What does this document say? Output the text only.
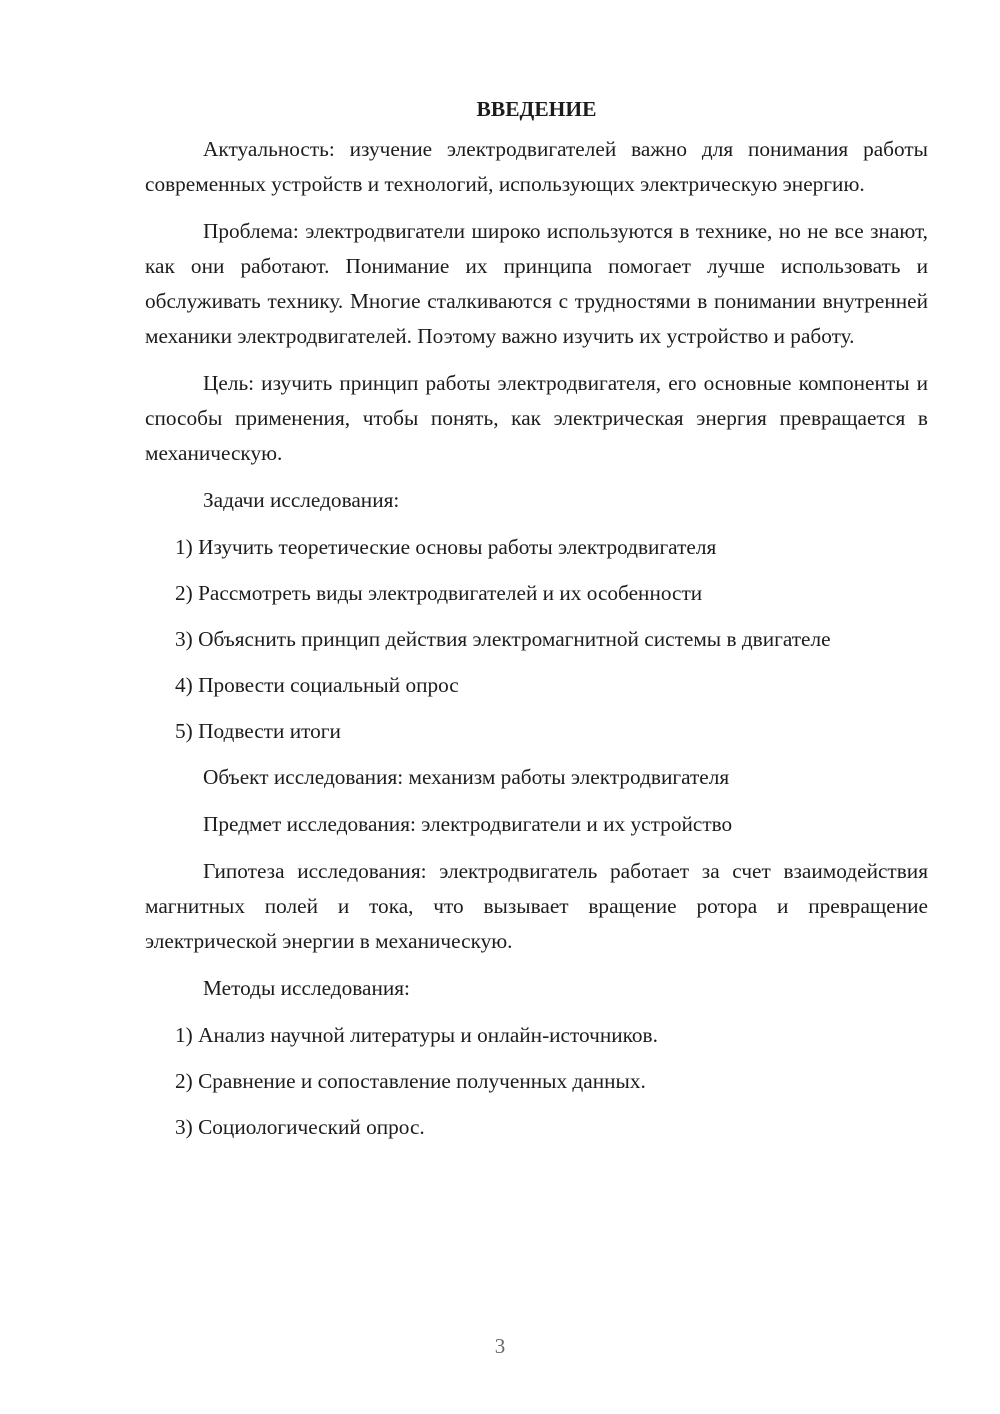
ВВЕДЕНИЕ

Актуальность: изучение электродвигателей важно для понимания работы современных устройств и технологий, использующих электрическую энергию.

Проблема: электродвигатели широко используются в технике, но не все знают, как они работают. Понимание их принципа помогает лучше использовать и обслуживать технику. Многие сталкиваются с трудностями в понимании внутренней механики электродвигателей. Поэтому важно изучить их устройство и работу.

Цель: изучить принцип работы электродвигателя, его основные компоненты и способы применения, чтобы понять, как электрическая энергия превращается в механическую.

Задачи исследования:

1) Изучить теоретические основы работы электродвигателя

2) Рассмотреть виды электродвигателей и их особенности

3) Объяснить принцип действия электромагнитной системы в двигателе

4) Провести социальный опрос

5) Подвести итоги

Объект исследования: механизм работы электродвигателя

Предмет исследования: электродвигатели и их устройство

Гипотеза исследования: электродвигатель работает за счет взаимодействия магнитных полей и тока, что вызывает вращение ротора и превращение электрической энергии в механическую.

Методы исследования:

1) Анализ научной литературы и онлайн-источников.

2) Сравнение и сопоставление полученных данных.

3) Социологический опрос.

3
